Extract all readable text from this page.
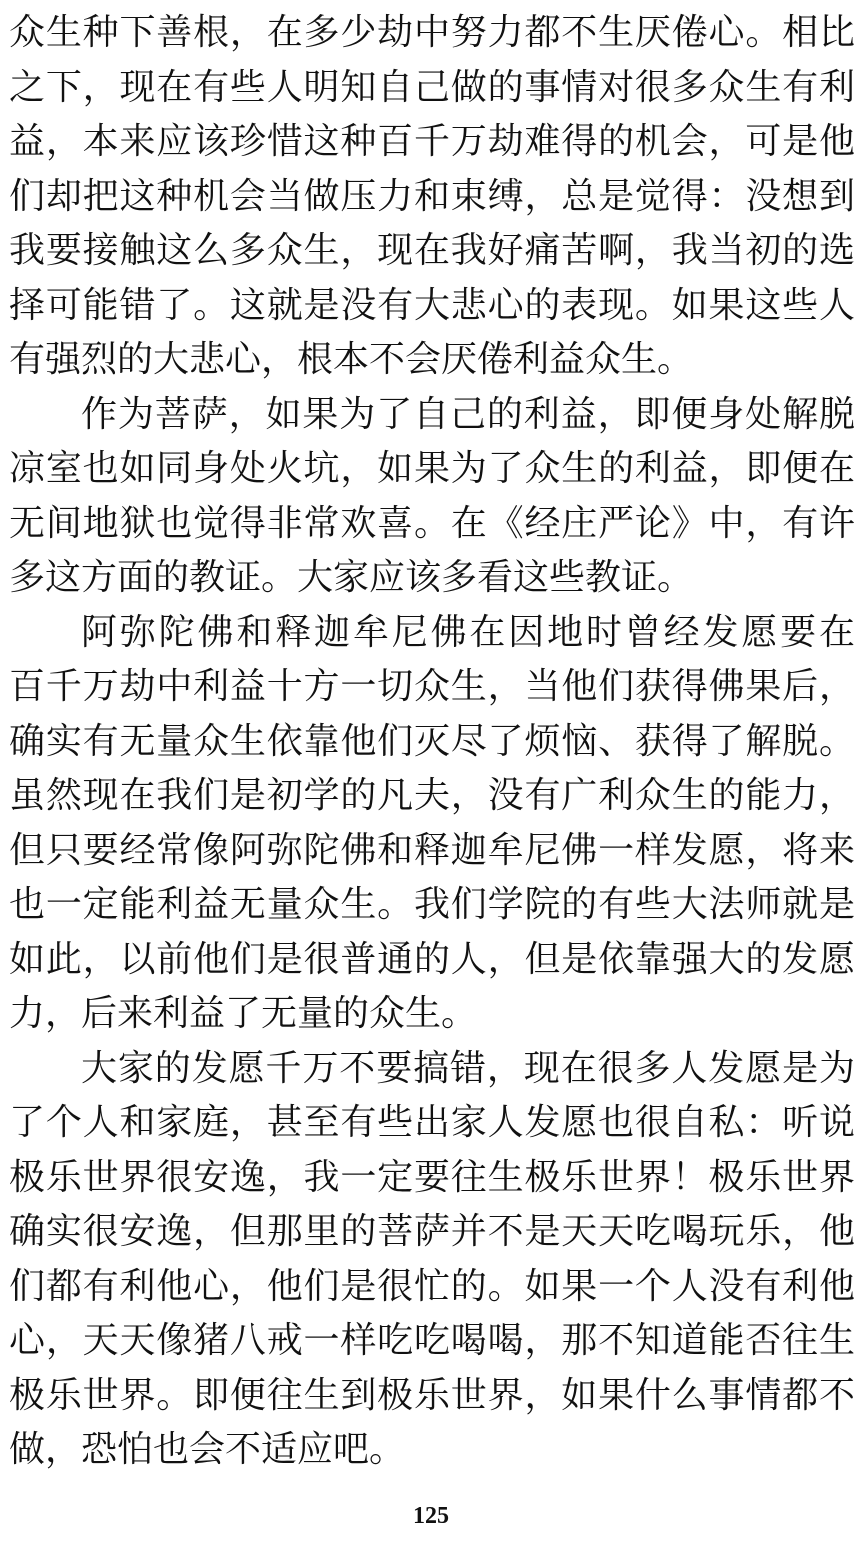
众生种下善根，在多少劫中努力都不生厌倦心。相比
之下，现在有些人明知自己做的事情对很多众生有利
益，本来应该珍惜这种百千万劫难得的机会，可是他
们却把这种机会当做压力和束缚，总是觉得：没想到
我要接触这么多众生，现在我好痛苦啊，我当初的选
择可能错了。这就是没有大悲心的表现。如果这些人
有强烈的大悲心，根本不会厌倦利益众生。
作为菩萨，如果为了自己的利益，即便身处解脱
凉室也如同身处火坑，如果为了众生的利益，即便在
无间地狱也觉得非常欢喜。在《经庄严论》中，有许
多这方面的教证。大家应该多看这些教证。
阿弥陀佛和释迦牟尼佛在因地时曾经发愿要在
百千万劫中利益十方一切众生，当他们获得佛果后，
确实有无量众生依靠他们灭尽了烦恼、获得了解脱。
虽然现在我们是初学的凡夫，没有广利众生的能力，
但只要经常像阿弥陀佛和释迦牟尼佛一样发愿，将来
也一定能利益无量众生。我们学院的有些大法师就是
如此，以前他们是很普通的人，但是依靠强大的发愿
力，后来利益了无量的众生。
大家的发愿千万不要搞错，现在很多人发愿是为
了个人和家庭，甚至有些出家人发愿也很自私：听说
极乐世界很安逸，我一定要往生极乐世界！极乐世界
确实很安逸，但那里的菩萨并不是天天吃喝玩乐，他
们都有利他心，他们是很忙的。如果一个人没有利他
心，天天像猪八戒一样吃吃喝喝，那不知道能否往生
极乐世界。即便往生到极乐世界，如果什么事情都不
做，恐怕也会不适应吧。
125
